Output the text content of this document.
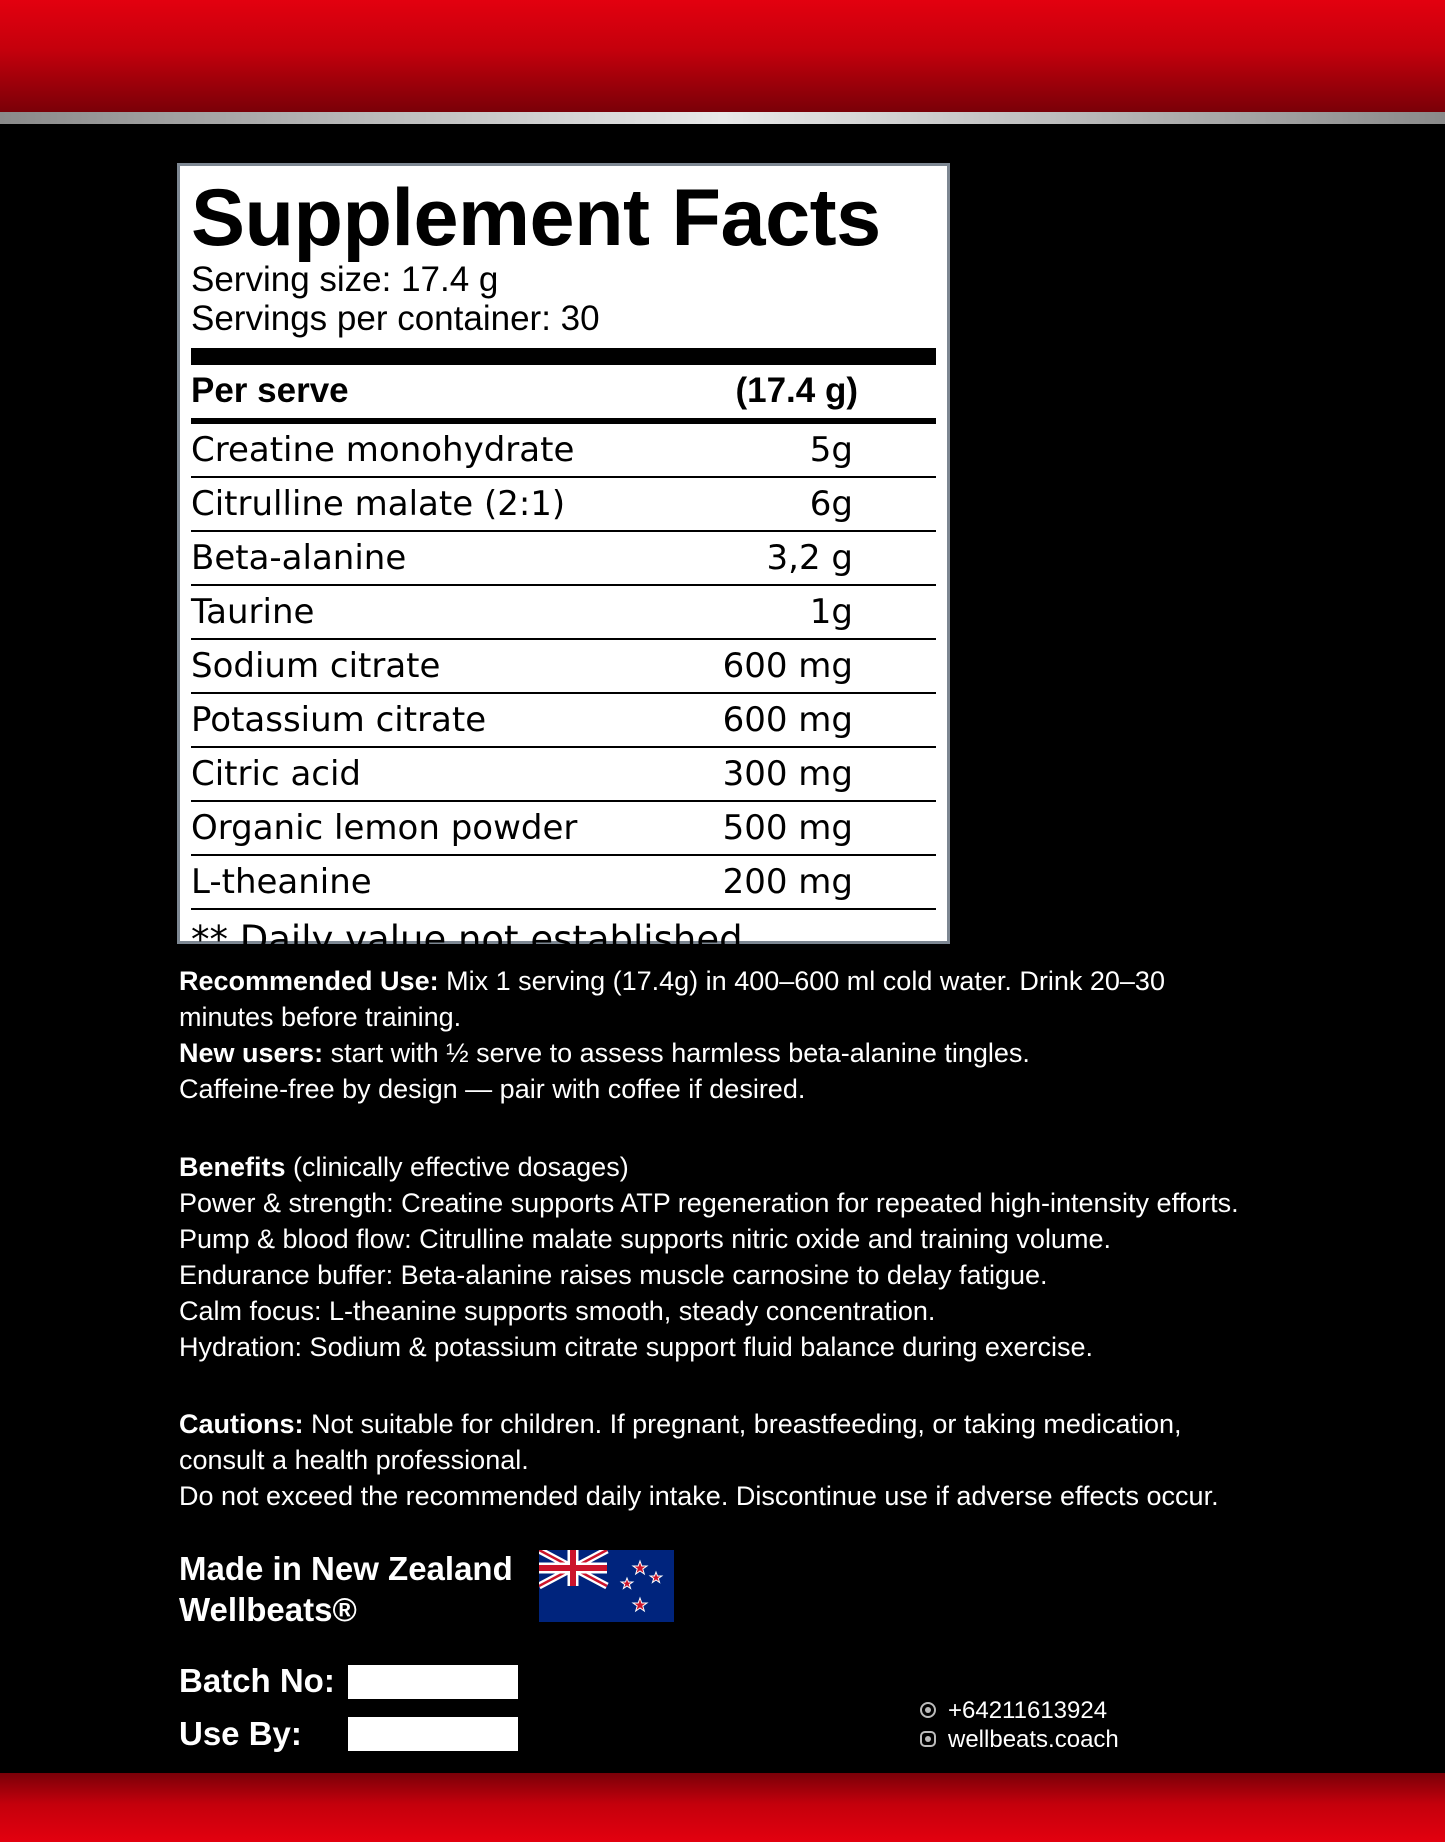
Supplement Facts
Serving size: 17.4 g
Servings per container: 30
Per serve	(17.4 g)
Creatine monohydrate	5g
Citrulline malate (2:1)	6g
Beta-alanine	3,2 g
Taurine	1g
Sodium citrate	600 mg
Potassium citrate	600 mg
Citric acid	300 mg
Organic lemon powder	500 mg
L-theanine	200 mg
** Daily value not established.
Recommended Use: Mix 1 serving (17.4g) in 400–600 ml cold water. Drink 20–30
minutes before training.
New users: start with ½ serve to assess harmless beta-alanine tingles.
Caffeine-free by design — pair with coffee if desired.
Benefits (clinically effective dosages)
Power & strength: Creatine supports ATP regeneration for repeated high-intensity efforts.
Pump & blood flow: Citrulline malate supports nitric oxide and training volume.
Endurance buffer: Beta-alanine raises muscle carnosine to delay fatigue.
Calm focus: L-theanine supports smooth, steady concentration.
Hydration: Sodium & potassium citrate support fluid balance during exercise.
Cautions: Not suitable for children. If pregnant, breastfeeding, or taking medication,
consult a health professional.
Do not exceed the recommended daily intake. Discontinue use if adverse effects occur.
Made in New Zealand
Wellbeats®
Batch No:
Use By:
+64211613924
wellbeats.coach
